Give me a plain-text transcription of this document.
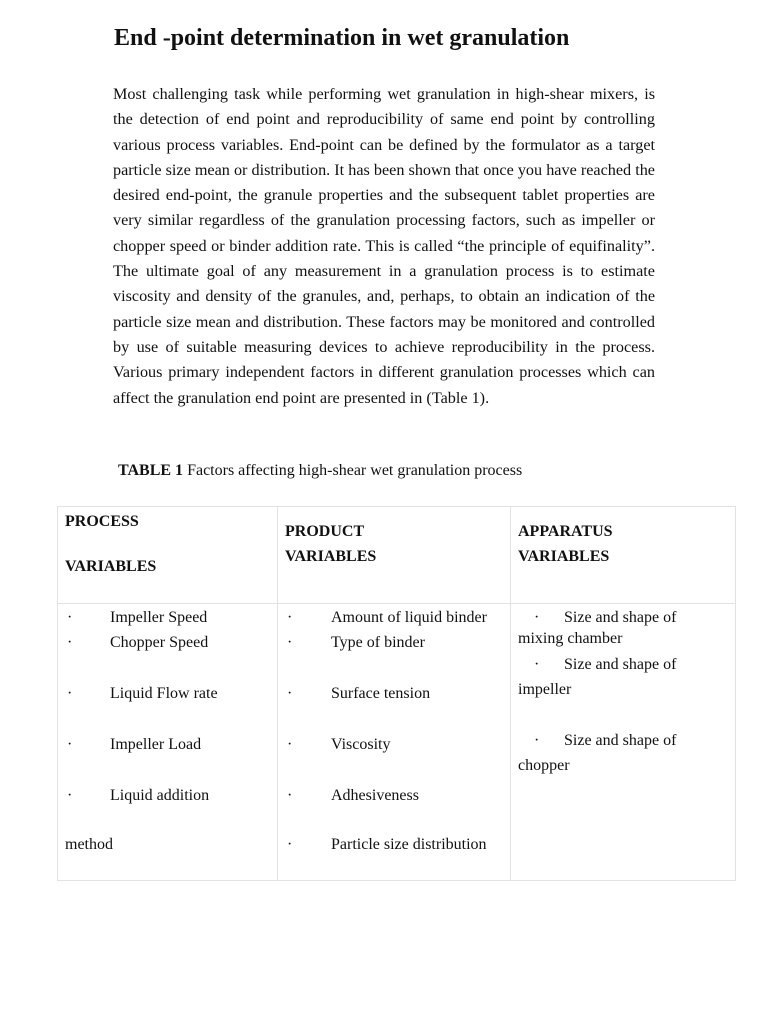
End -point determination in wet granulation

Most challenging task while performing wet granulation in high-shear mixers, is the detection of end point and reproducibility of same end point by controlling various process variables. End-point can be defined by the formulator as a target particle size mean or distribution. It has been shown that once you have reached the desired end-point, the granule properties and the subsequent tablet properties are very similar regardless of the granulation processing factors, such as impeller or chopper speed or binder addition rate. This is called “the principle of equifinality”. The ultimate goal of any measurement in a granulation process is to estimate viscosity and density of the granules, and, perhaps, to obtain an indication of the particle size mean and distribution. These factors may be monitored and controlled by use of suitable measuring devices to achieve reproducibility in the process. Various primary independent factors in different granulation processes which can affect the granulation end point are presented in (Table 1).

TABLE 1 Factors affecting high-shear wet granulation process

PROCESS

VARIABLES

PRODUCT

VARIABLES

APPARATUS

VARIABLES

· Impeller Speed
· Chopper Speed
· Liquid Flow rate
· Impeller Load
· Liquid addition
method
· Amount of liquid binder
· Type of binder
· Surface tension
· Viscosity
· Adhesiveness
· Particle size distribution
· Size and shape of
mixing chamber
· Size and shape of
impeller
· Size and shape of
chopper
